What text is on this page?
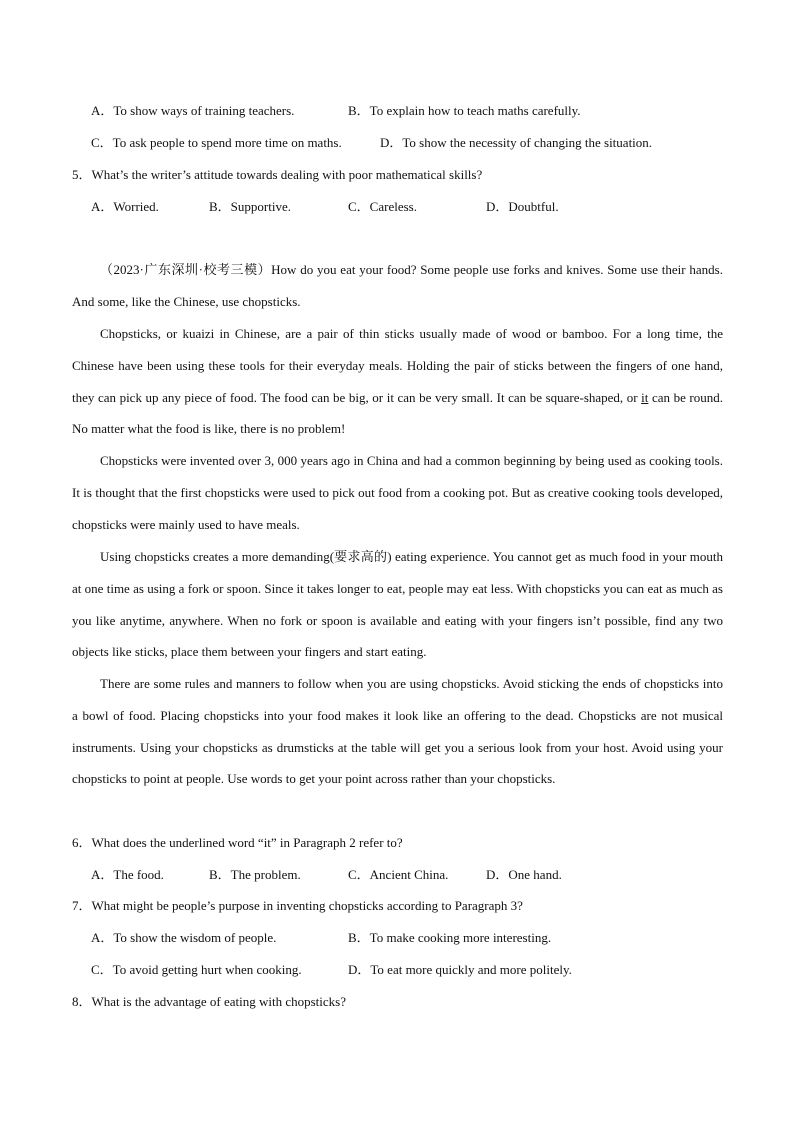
A．To show ways of training teachers.	B．To explain how to teach maths carefully.
C．To ask people to spend more time on maths.	D．To show the necessity of changing the situation.
5．What’s the writer’s attitude towards dealing with poor mathematical skills?
A．Worried.	B．Supportive.	C．Careless.	D．Doubtful.

（2023·广东深圳·校考三模）How do you eat your food? Some people use forks and knives. Some use their hands. And some, like the Chinese, use chopsticks.

Chopsticks, or kuaizi in Chinese, are a pair of thin sticks usually made of wood or bamboo. For a long time, the Chinese have been using these tools for their everyday meals. Holding the pair of sticks between the fingers of one hand, they can pick up any piece of food. The food can be big, or it can be very small. It can be square-shaped, or it can be round. No matter what the food is like, there is no problem!

Chopsticks were invented over 3, 000 years ago in China and had a common beginning by being used as cooking tools. It is thought that the first chopsticks were used to pick out food from a cooking pot. But as creative cooking tools developed, chopsticks were mainly used to have meals.

Using chopsticks creates a more demanding(要求高的) eating experience. You cannot get as much food in your mouth at one time as using a fork or spoon. Since it takes longer to eat, people may eat less. With chopsticks you can eat as much as you like anytime, anywhere. When no fork or spoon is available and eating with your fingers isn’t possible, find any two objects like sticks, place them between your fingers and start eating.

There are some rules and manners to follow when you are using chopsticks. Avoid sticking the ends of chopsticks into a bowl of food. Placing chopsticks into your food makes it look like an offering to the dead. Chopsticks are not musical instruments. Using your chopsticks as drumsticks at the table will get you a serious look from your host. Avoid using your chopsticks to point at people. Use words to get your point across rather than your chopsticks.

6．What does the underlined word “it” in Paragraph 2 refer to?
A．The food.	B．The problem.	C．Ancient China.	D．One hand.
7．What might be people’s purpose in inventing chopsticks according to Paragraph 3?
A．To show the wisdom of people.	B．To make cooking more interesting.
C．To avoid getting hurt when cooking.	D．To eat more quickly and more politely.
8．What is the advantage of eating with chopsticks?
